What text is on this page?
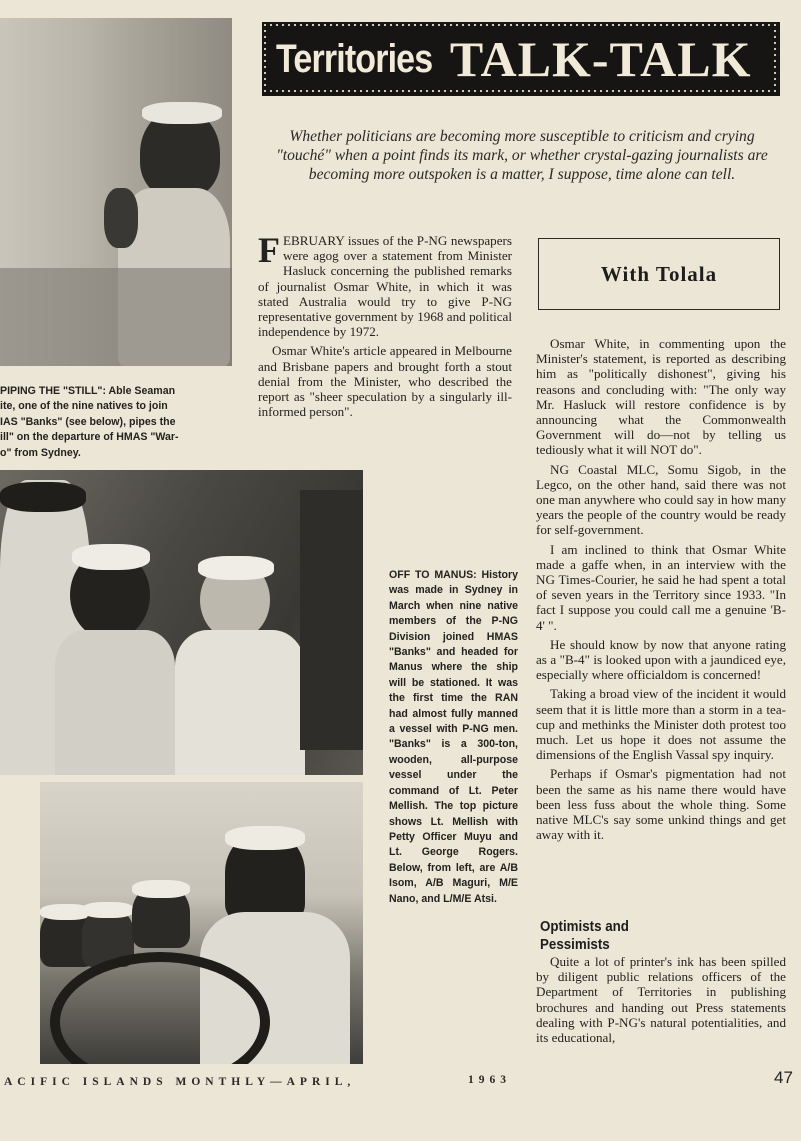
Territories TALK-TALK
Whether politicians are becoming more susceptible to criticism and crying "touché" when a point finds its mark, or whether crystal-gazing journalists are becoming more outspoken is a matter, I suppose, time alone can tell.

FEBRUARY issues of the P-NG newspapers were agog over a statement from Minister Hasluck concerning the published remarks of journalist Osmar White, in which it was stated Australia would try to give P-NG representative government by 1968 and political independence by 1972.

Osmar White's article appeared in Melbourne and Brisbane papers and brought forth a stout denial from the Minister, who described the report as "sheer speculation by a singularly ill-informed person".

With Tolala

Osmar White, in commenting upon the Minister's statement, is reported as describing him as "politically dishonest", giving his reasons and concluding with: "The only way Mr. Hasluck will restore confidence is by announcing what the Commonwealth Government will do—not by telling us tediously what it will NOT do".

NG Coastal MLC, Somu Sigob, in the Legco, on the other hand, said there was not one man anywhere who could say in how many years the people of the country would be ready for self-government.

I am inclined to think that Osmar White made a gaffe when, in an interview with the NG Times-Courier, he said he had spent a total of seven years in the Territory since 1933. "In fact I suppose you could call me a genuine 'B-4' ".

He should know by now that anyone rating as a "B-4" is looked upon with a jaundiced eye, especially where officialdom is concerned!

Taking a broad view of the incident it would seem that it is little more than a storm in a tea-cup and methinks the Minister doth protest too much. Let us hope it does not assume the dimensions of the English Vassal spy inquiry.

Perhaps if Osmar's pigmentation had not been the same as his name there would have been less fuss about the whole thing. Some native MLC's say some unkind things and get away with it.

Optimists and
Pessimists

Quite a lot of printer's ink has been spilled by diligent public relations officers of the Department of Territories in publishing brochures and handing out Press statements dealing with P-NG's natural potentialities, and its educational,

PIPING THE "STILL": Able Seaman
ite, one of the nine natives to join
IAS "Banks" (see below), pipes the
ill" on the departure of HMAS "War-
o" from Sydney.
OFF TO MANUS: History was made in Sydney in March when nine native members of the P-NG Division joined HMAS "Banks" and headed for Manus where the ship will be stationed. It was the first time the RAN had almost fully manned a vessel with P-NG men. "Banks" is a 300-ton, wooden, all-purpose vessel under the command of Lt. Peter Mellish. The top picture shows Lt. Mellish with Petty Officer Muyu and Lt. George Rogers. Below, from left, are A/B Isom, A/B Maguri, M/E Nano, and L/M/E Atsi.
ACIFIC ISLANDS MONTHLY—APRIL,	1963	47
